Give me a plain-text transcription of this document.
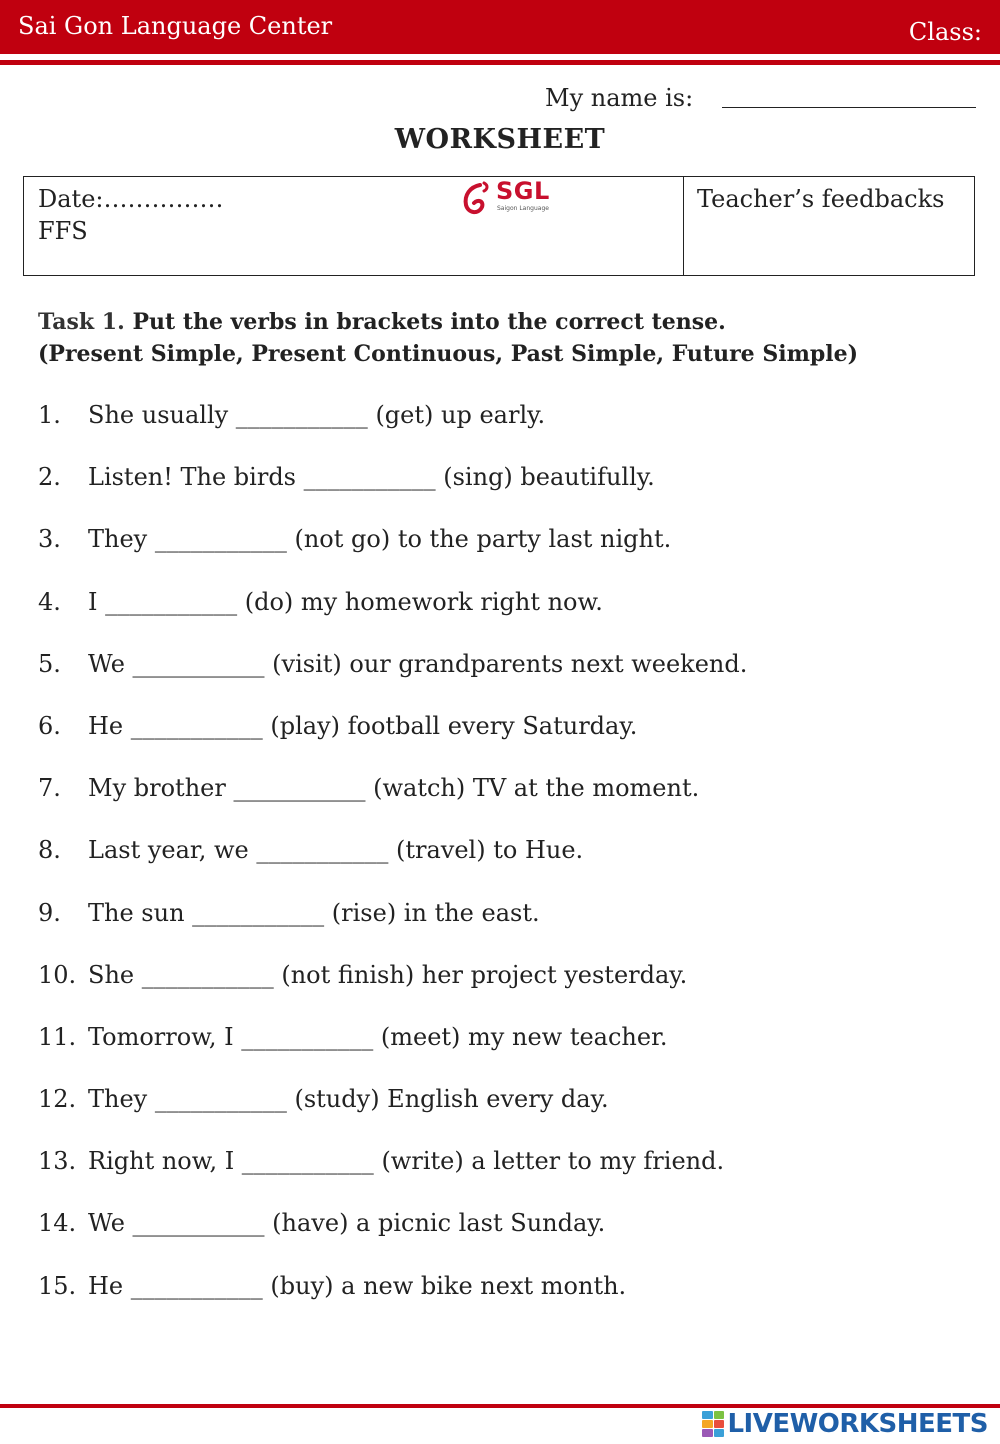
Sai Gon Language Center	Class:
My name is:
WORKSHEET
Date:……………
FFS
SGL
Saigon Language	Teacher’s feedbacks
Task 1. Put the verbs in brackets into the correct tense.
(Present Simple, Present Continuous, Past Simple, Future Simple)
1. She usually ___________ (get) up early.
2. Listen! The birds ___________ (sing) beautifully.
3. They ___________ (not go) to the party last night.
4. I ___________ (do) my homework right now.
5. We ___________ (visit) our grandparents next weekend.
6. He ___________ (play) football every Saturday.
7. My brother ___________ (watch) TV at the moment.
8. Last year, we ___________ (travel) to Hue.
9. The sun ___________ (rise) in the east.
10. She ___________ (not finish) her project yesterday.
11. Tomorrow, I ___________ (meet) my new teacher.
12. They ___________ (study) English every day.
13. Right now, I ___________ (write) a letter to my friend.
14. We ___________ (have) a picnic last Sunday.
15. He ___________ (buy) a new bike next month.
LIVEWORKSHEETS
